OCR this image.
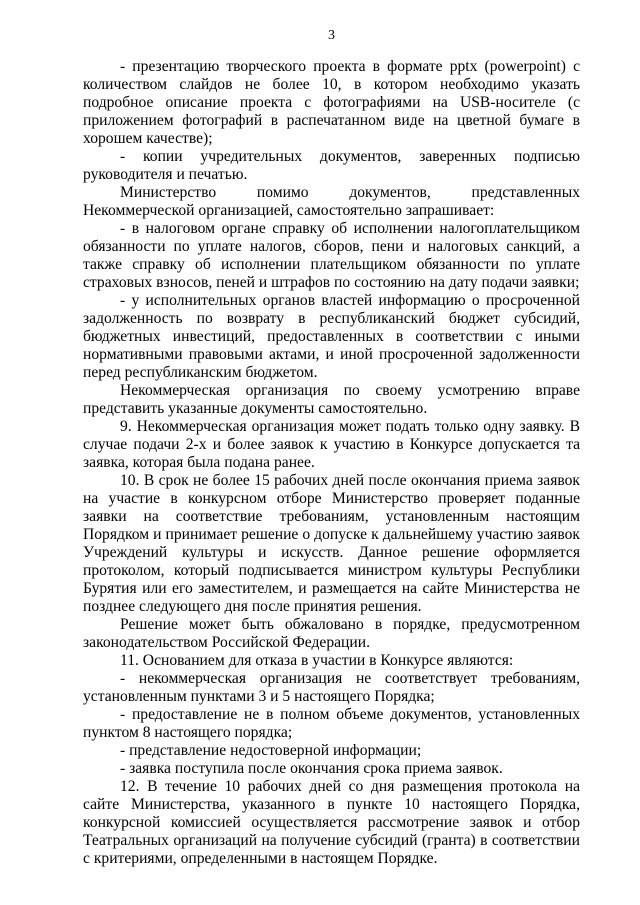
3

- презентацию творческого проекта в формате pptx (powerpoint) с количеством слайдов не более 10, в котором необходимо указать подробное описание проекта с фотографиями на USB-носителе (с приложением фотографий в распечатанном виде на цветной бумаге в хорошем качестве);

- копии учредительных документов, заверенных подписью руководителя и печатью.

Министерство помимо документов, представленных Некоммерческой организацией, самостоятельно запрашивает:

- в налоговом органе справку об исполнении налогоплательщиком обязанности по уплате налогов, сборов, пени и налоговых санкций, а также справку об исполнении плательщиком обязанности по уплате страховых взносов, пеней и штрафов по состоянию на дату подачи заявки;

- у исполнительных органов властей информацию о просроченной задолженность по возврату в республиканский бюджет субсидий, бюджетных инвестиций, предоставленных в соответствии с иными нормативными правовыми актами, и иной просроченной задолженности перед республиканским бюджетом.

Некоммерческая организация по своему усмотрению вправе представить указанные документы самостоятельно.

9. Некоммерческая организация может подать только одну заявку. В случае подачи 2-х и более заявок к участию в Конкурсе допускается та заявка, которая была подана ранее.

10. В срок не более 15 рабочих дней после окончания приема заявок на участие в конкурсном отборе Министерство проверяет поданные заявки на соответствие требованиям, установленным настоящим Порядком и принимает решение о допуске к дальнейшему участию заявок Учреждений культуры и искусств. Данное решение оформляется протоколом, который подписывается министром культуры Республики Бурятия или его заместителем, и размещается на сайте Министерства не позднее следующего дня после принятия решения.

Решение может быть обжаловано в порядке, предусмотренном законодательством Российской Федерации.

11. Основанием для отказа в участии в Конкурсе являются:

- некоммерческая организация не соответствует требованиям, установленным пунктами 3 и 5 настоящего Порядка;

- предоставление не в полном объеме документов, установленных пунктом 8 настоящего порядка;

- представление недостоверной информации;

- заявка поступила после окончания срока приема заявок.

12. В течение 10 рабочих дней со дня размещения протокола на сайте Министерства, указанного в пункте 10 настоящего Порядка, конкурсной комиссией осуществляется рассмотрение заявок и отбор Театральных организаций на получение субсидий (гранта) в соответствии с критериями, определенными в настоящем Порядке.
